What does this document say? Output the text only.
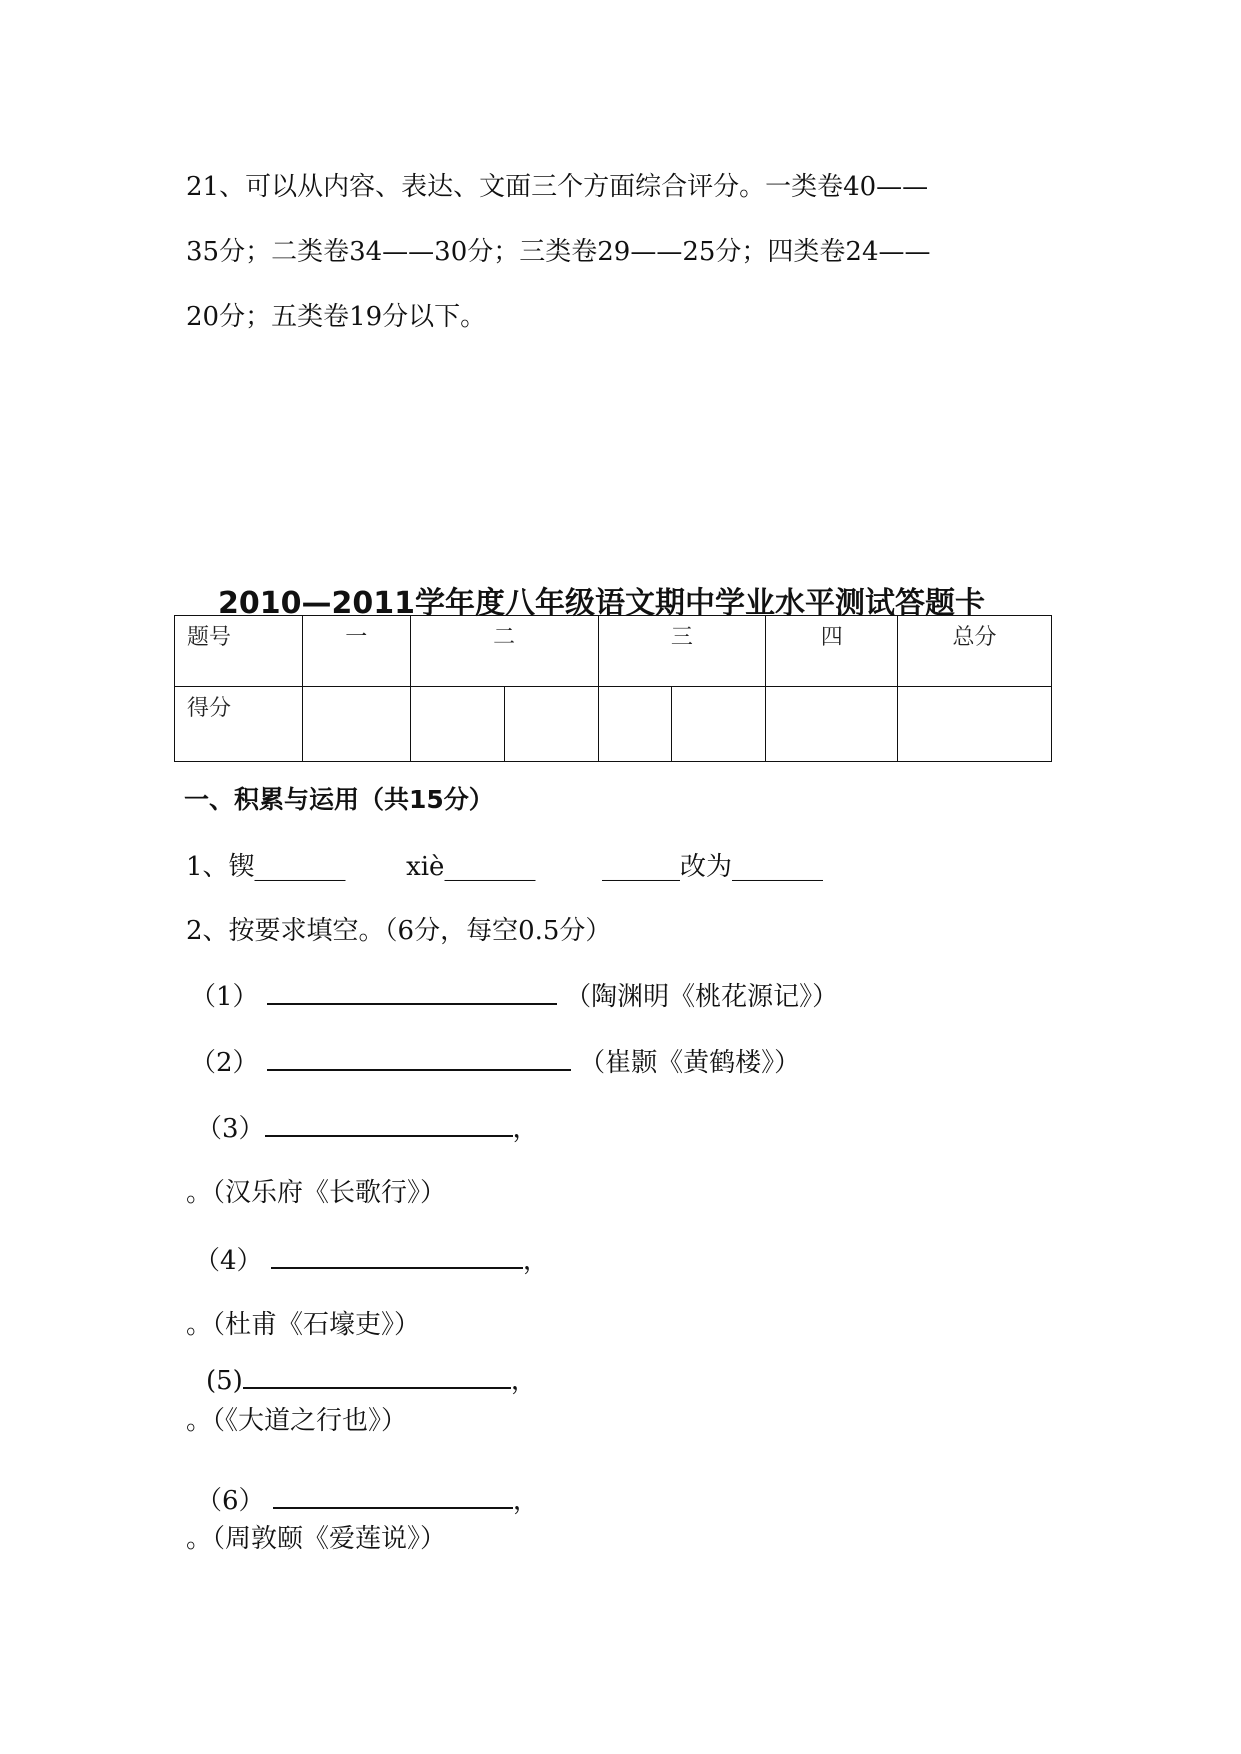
21、可以从内容、表达、文面三个方面综合评分。一类卷40——
35分；二类卷34——30分；三类卷29——25分；四类卷24——
20分；五类卷19分以下。
2010—2011学年度八年级语文期中学业水平测试答题卡
题号	一	二		三		四	总分
得分							
一、积累与运用（共15分）
1、锲_______ xiè_______	______改为_______
2、按要求填空。（6分，每空0.5分）
（1）	（陶渊明《桃花源记》）
（2）	（崔颢《黄鹤楼》）
（3）	，
。（汉乐府《长歌行》）
（4）	，
。（杜甫《石壕吏》）
(5)	，
。（《大道之行也》）
（6）	，
。（周敦颐《爱莲说》）
